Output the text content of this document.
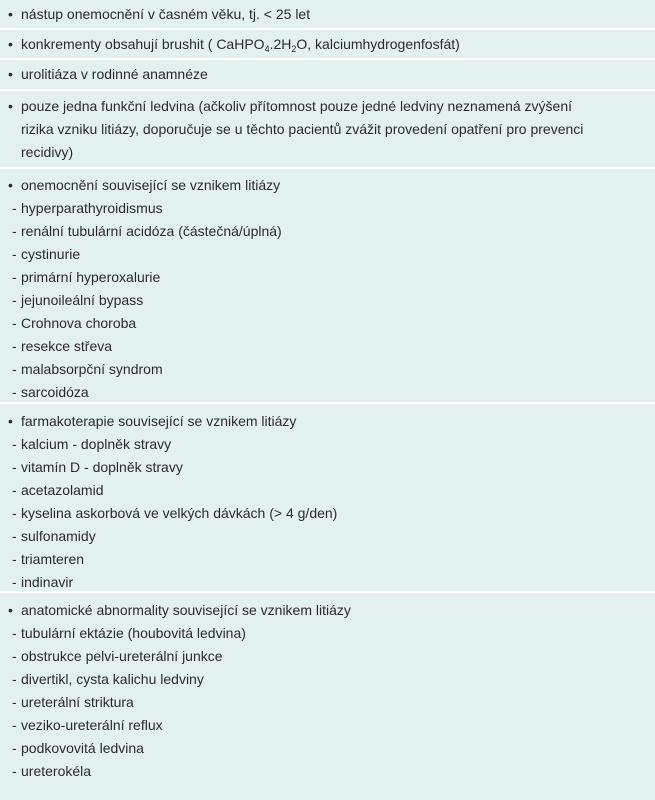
• nástup onemocnění v časném věku, tj. < 25 let
• konkrementy obsahují brushit ( $CaHPO_4.2H_2O$, kalciumhydrogenfosfát)
• urolitiáza v rodinné anamnéze
• pouze jedna funkční ledvina (ačkoliv přítomnost pouze jedné ledviny neznamená zvýšení
rizika vzniku litiázy, doporučuje se u těchto pacientů zvážit provedení opatření pro prevenci
recidivy)
• onemocnění související se vznikem litiázy
- hyperparathyroidismus
- renální tubulární acidóza (částečná/úplná)
- cystinurie
- primární hyperoxalurie
- jejunoileální bypass
- Crohnova choroba
- resekce střeva
- malabsorpční syndrom
- sarcoidóza
• farmakoterapie související se vznikem litiázy
- kalcium - doplněk stravy
- vitamín D - doplněk stravy
- acetazolamid
- kyselina askorbová ve velkých dávkách (> 4 g/den)
- sulfonamidy
- triamteren
- indinavir
• anatomické abnormality související se vznikem litiázy
- tubulární ektázie (houbovitá ledvina)
- obstrukce pelvi-ureterální junkce
- divertikl, cysta kalichu ledviny
- ureterální striktura
- veziko-ureterální reflux
- podkovovitá ledvina
- ureterokéla
